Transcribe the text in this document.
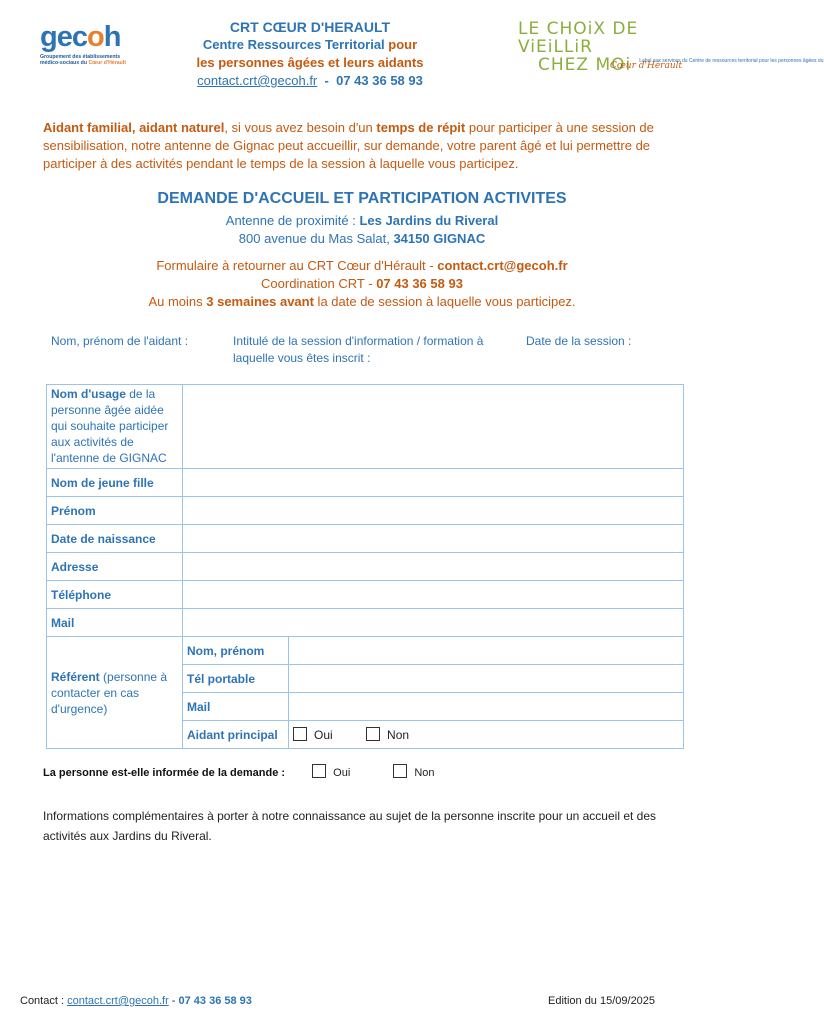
gecoh
Groupement des établissements
médico-sociaux du Cœur d'Hérault
CRT CŒUR D'HERAULT
Centre Ressources Territorial pour
les personnes âgées et leurs aidants
contact.crt@gecoh.fr - 07 43 36 58 93
LE CHOiX DE ViEiLLiR
CHEZ MOi Label aux services du Centre de ressources territorial pour les personnes âgées du
Cœur d'Hérault
Aidant familial, aidant naturel, si vous avez besoin d'un temps de répit pour participer à une session de sensibilisation, notre antenne de Gignac peut accueillir, sur demande, votre parent âgé et lui permettre de participer à des activités pendant le temps de la session à laquelle vous participez.
DEMANDE D'ACCUEIL ET PARTICIPATION ACTIVITES
Antenne de proximité : Les Jardins du Riveral
800 avenue du Mas Salat, 34150 GIGNAC
Formulaire à retourner au CRT Cœur d'Hérault - contact.crt@gecoh.fr
Coordination CRT - 07 43 36 58 93
Au moins 3 semaines avant la date de session à laquelle vous participez.
Nom, prénom de l'aidant :	Intitulé de la session d'information / formation à
laquelle vous êtes inscrit :
Date de la session :
Nom d'usage de la
personne âgée aidée
qui souhaite participer
aux activités de
l'antenne de GIGNAC		
Nom de jeune fille		
Prénom		
Date de naissance		
Adresse		
Téléphone		
Mail		
Référent (personne à
contacter en cas
d'urgence)	Nom, prénom	
	Tél portable	
	Mail	
	Aidant principal	Oui Non
La personne est-elle informée de la demande :	Oui	Non
Informations complémentaires à porter à notre connaissance au sujet de la personne inscrite pour un accueil et des activités aux Jardins du Riveral.
Contact : contact.crt@gecoh.fr - 07 43 36 58 93	Edition du 15/09/2025
